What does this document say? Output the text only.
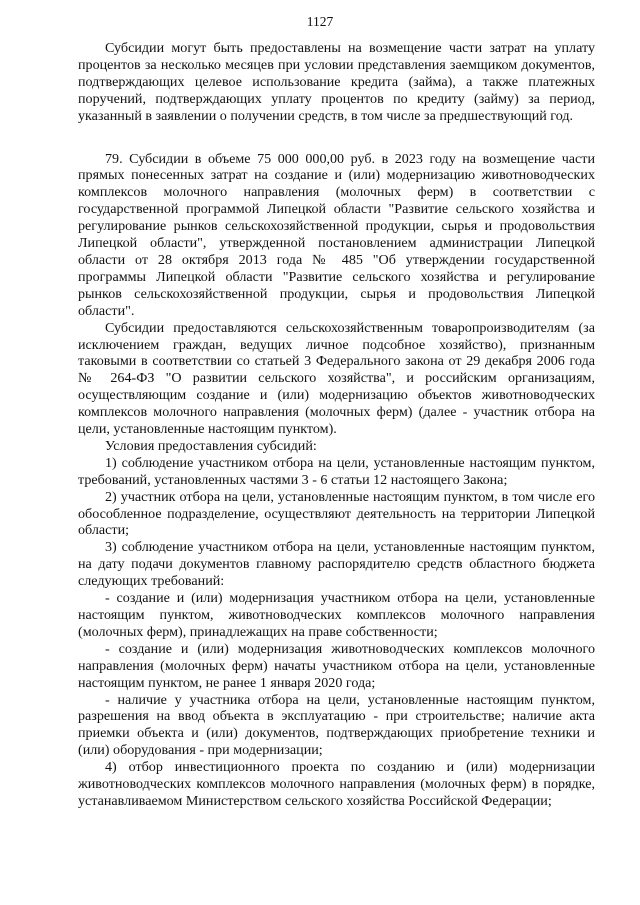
1127

Субсидии могут быть предоставлены на возмещение части затрат на уплату процентов за несколько месяцев при условии представления заемщиком документов, подтверждающих целевое использование кредита (займа), а также платежных поручений, подтверждающих уплату процентов по кредиту (займу) за период, указанный в заявлении о получении средств, в том числе за предшествующий год.

79. Субсидии в объеме 75 000 000,00 руб. в 2023 году на возмещение части прямых понесенных затрат на создание и (или) модернизацию животноводческих комплексов молочного направления (молочных ферм) в соответствии с государственной программой Липецкой области "Развитие сельского хозяйства и регулирование рынков сельскохозяйственной продукции, сырья и продовольствия Липецкой области", утвержденной постановлением администрации Липецкой области от 28 октября 2013 года № 485 "Об утверждении государственной программы Липецкой области "Развитие сельского хозяйства и регулирование рынков сельскохозяйственной продукции, сырья и продовольствия Липецкой области".

Субсидии предоставляются сельскохозяйственным товаропроизводителям (за исключением граждан, ведущих личное подсобное хозяйство), признанным таковыми в соответствии со статьей 3 Федерального закона от 29 декабря 2006 года № 264-ФЗ "О развитии сельского хозяйства", и российским организациям, осуществляющим создание и (или) модернизацию объектов животноводческих комплексов молочного направления (молочных ферм) (далее - участник отбора на цели, установленные настоящим пунктом).

Условия предоставления субсидий:

1) соблюдение участником отбора на цели, установленные настоящим пунктом, требований, установленных частями 3 - 6 статьи 12 настоящего Закона;

2) участник отбора на цели, установленные настоящим пунктом, в том числе его обособленное подразделение, осуществляют деятельность на территории Липецкой области;

3) соблюдение участником отбора на цели, установленные настоящим пунктом, на дату подачи документов главному распорядителю средств областного бюджета следующих требований:

- создание и (или) модернизация участником отбора на цели, установленные настоящим пунктом, животноводческих комплексов молочного направления (молочных ферм), принадлежащих на праве собственности;

- создание и (или) модернизация животноводческих комплексов молочного направления (молочных ферм) начаты участником отбора на цели, установленные настоящим пунктом, не ранее 1 января 2020 года;

- наличие у участника отбора на цели, установленные настоящим пунктом, разрешения на ввод объекта в эксплуатацию - при строительстве; наличие акта приемки объекта и (или) документов, подтверждающих приобретение техники и (или) оборудования - при модернизации;

4) отбор инвестиционного проекта по созданию и (или) модернизации животноводческих комплексов молочного направления (молочных ферм) в порядке, устанавливаемом Министерством сельского хозяйства Российской Федерации;
